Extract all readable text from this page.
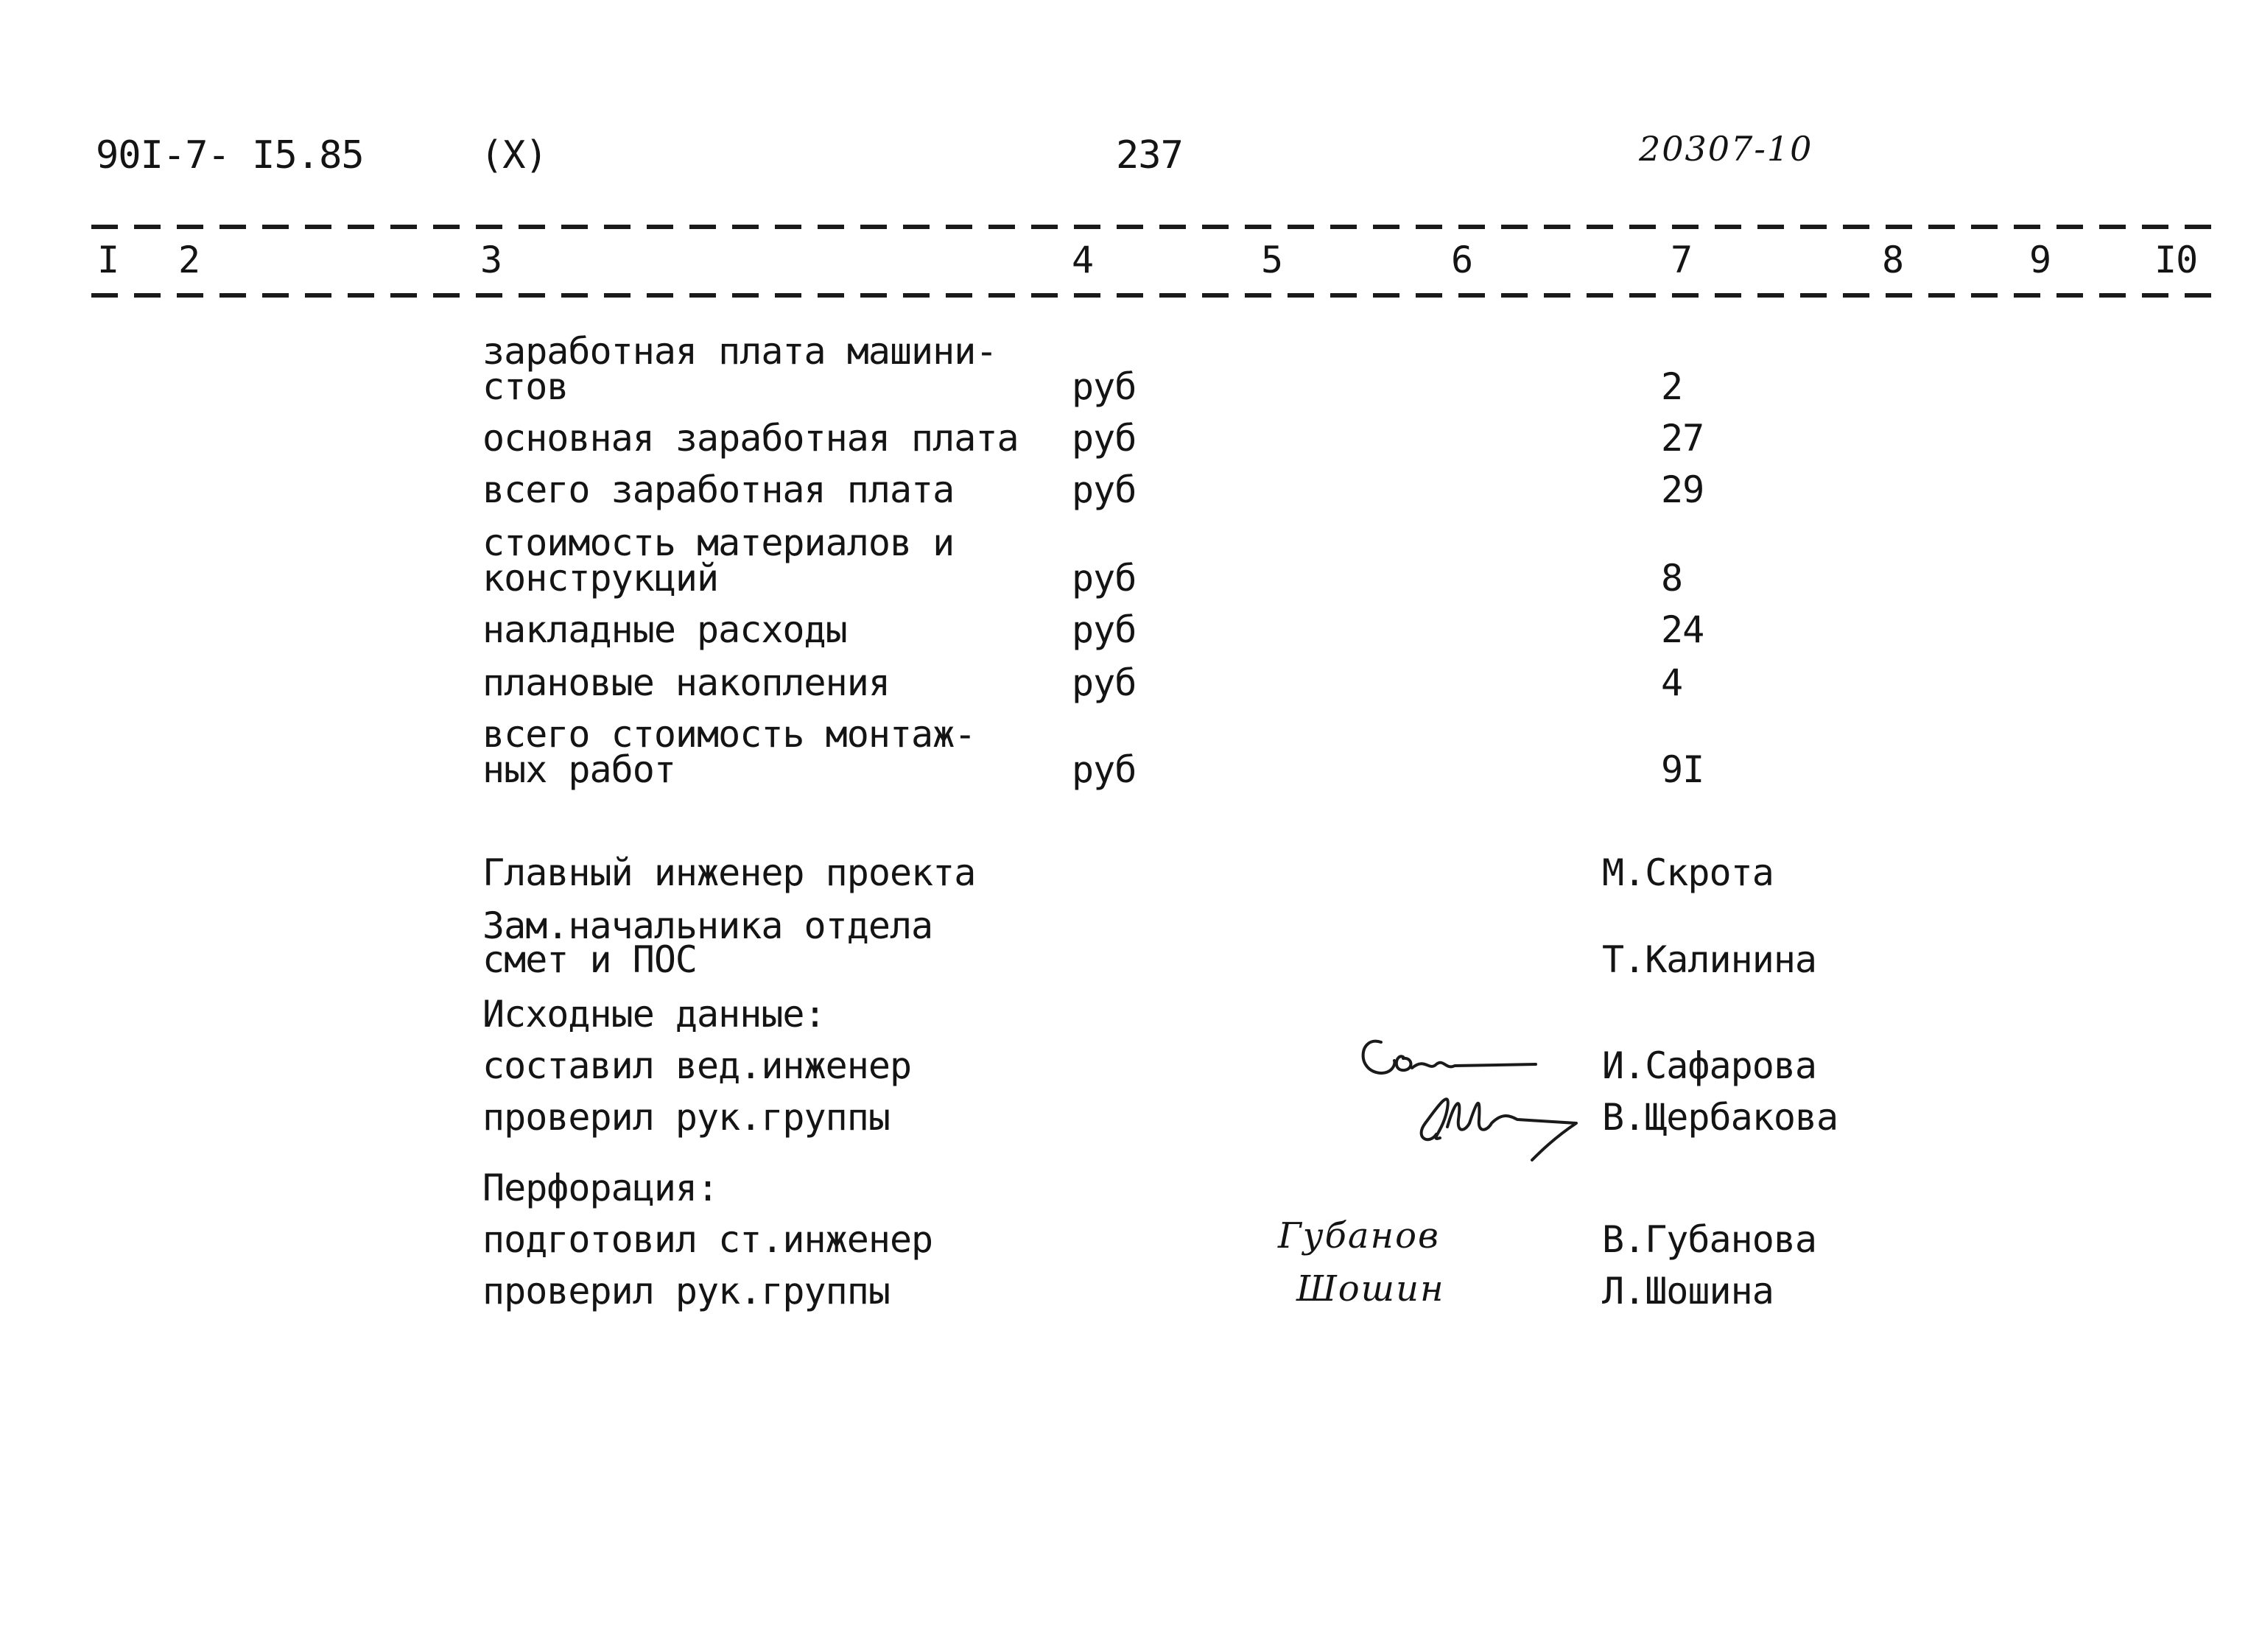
90I-7- I5.85	(X)	237	20307-10
I 2	3	4	5	6	7	8	9	I0
заработная плата машини-
стов	руб	2
основная заработная плата руб	27
всего заработная плата	руб	29
стоимость материалов и
конструкций	руб	8
накладные расходы	руб	24
плановые накопления	руб	4
всего стоимость монтаж-
ных работ	руб	9I
Главный инженер проекта	М.Скрота
Зам.начальника отдела
смет и ПОС	Т.Калинина
Исходные данные:
составил вед.инженер	И.Сафарова
проверил рук.группы	В.Щербакова
Перфорация:
подготовил ст.инженер	В.Губанова
проверил рук.группы	Л.Шошина
Губанов
Шошин
